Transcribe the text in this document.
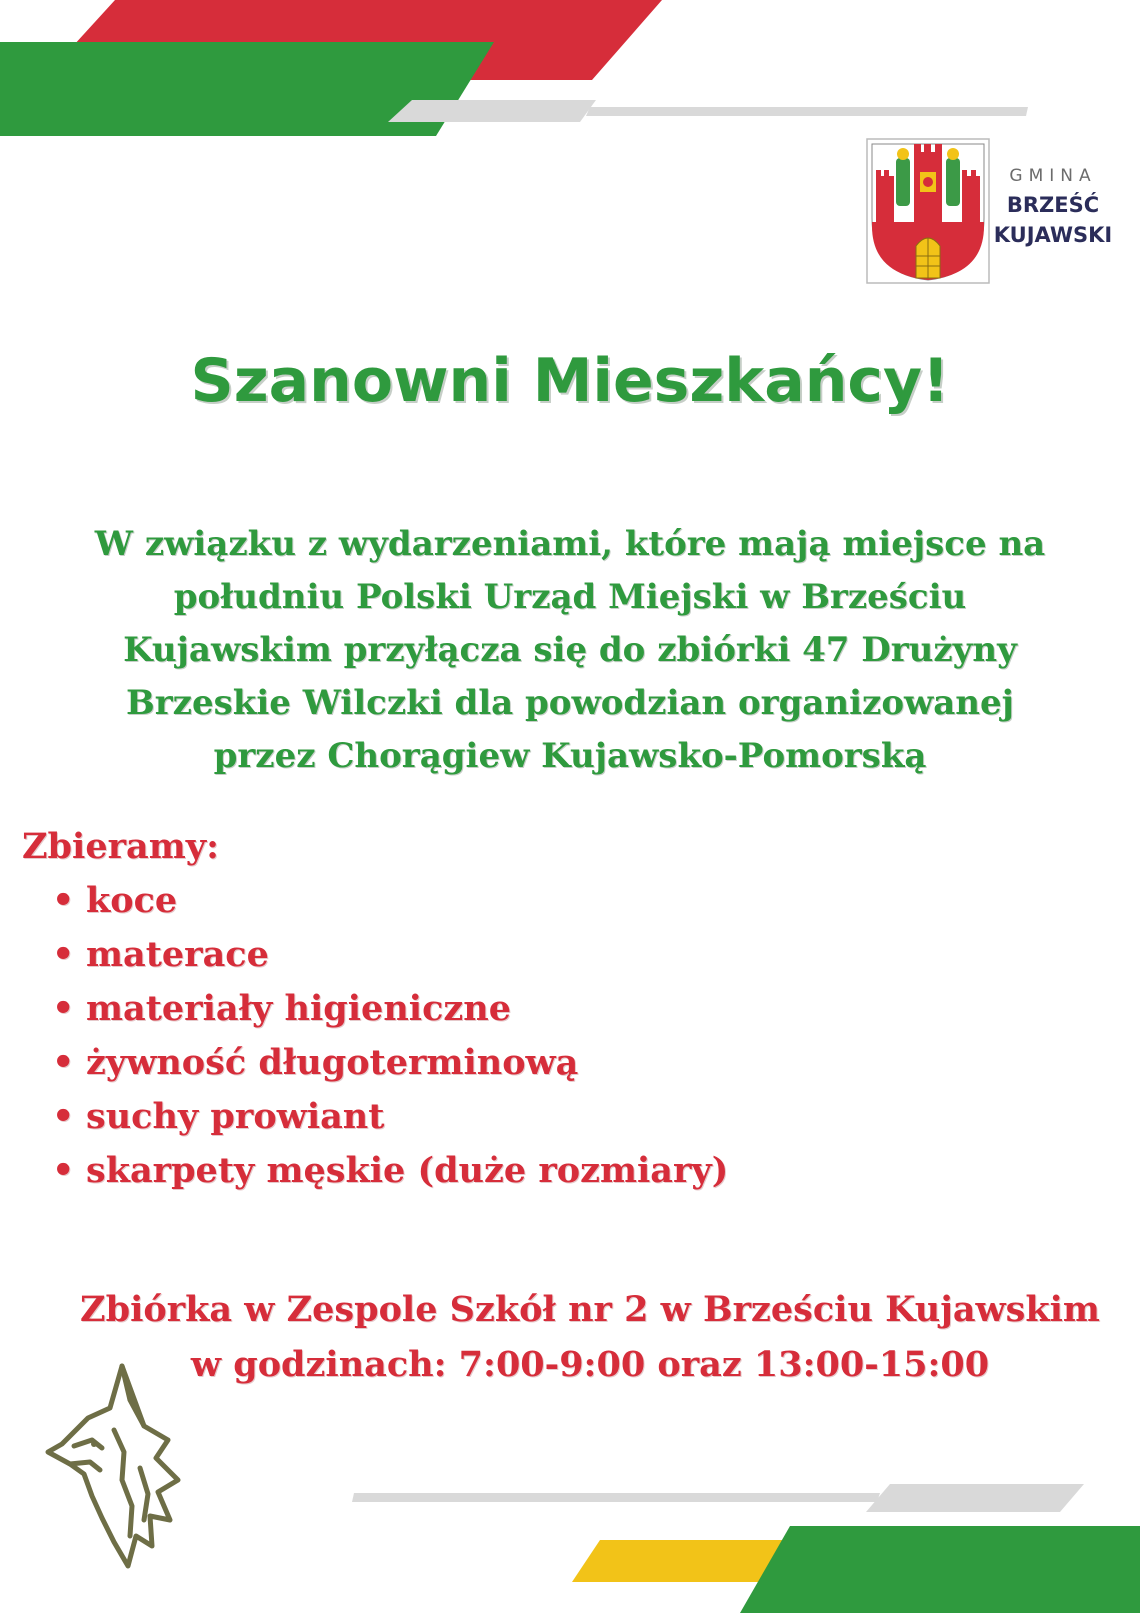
GMINA
BRZEŚĆ
KUJAWSKI
Szanowni Mieszkańcy!

W związku z wydarzeniami, które mają miejsce na
południu Polski Urząd Miejski w Brześciu
Kujawskim przyłącza się do zbiórki 47 Drużyny
Brzeskie Wilczki dla powodzian organizowanej
przez Chorągiew Kujawsko-Pomorską

Zbieramy:
• koce
• materace
• materiały higieniczne
• żywność długoterminową
• suchy prowiant
• skarpety męskie (duże rozmiary)

Zbiórka w Zespole Szkół nr 2 w Brześciu Kujawskim
w godzinach: 7:00-9:00 oraz 13:00-15:00
